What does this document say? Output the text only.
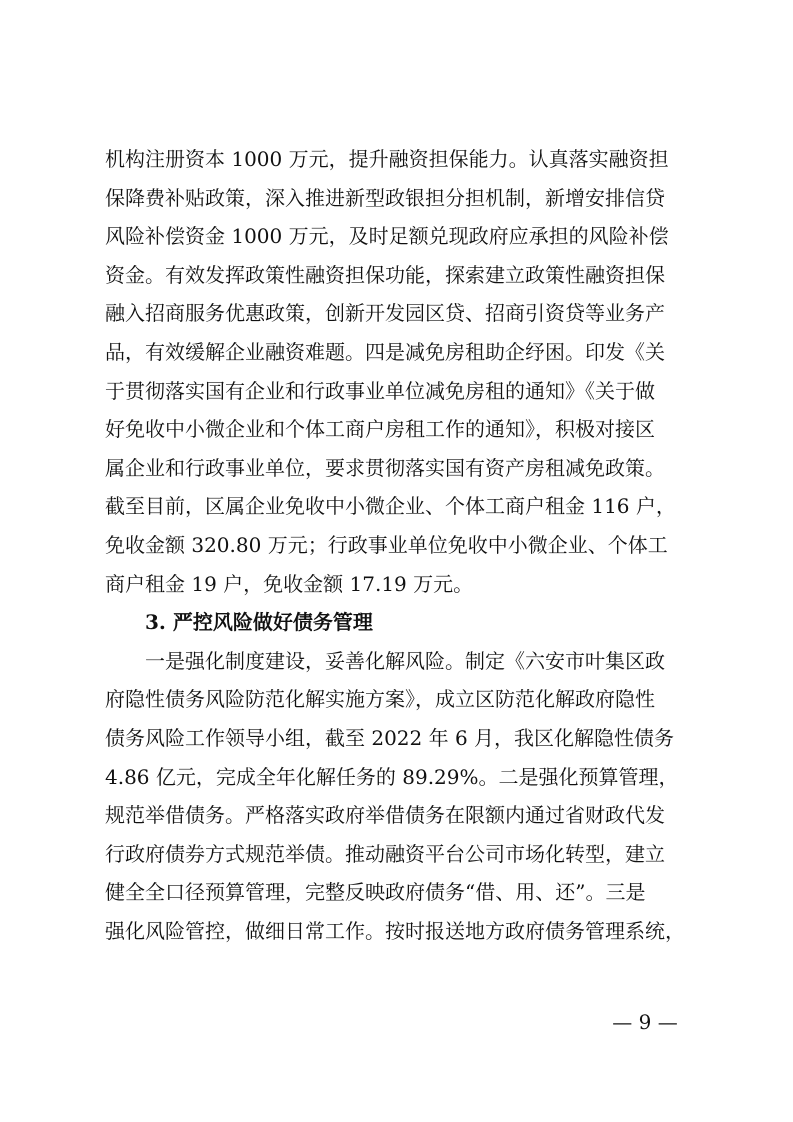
机构注册资本 1000 万元，提升融资担保能力。认真落实融资担
保降费补贴政策，深入推进新型政银担分担机制，新增安排信贷
风险补偿资金 1000 万元，及时足额兑现政府应承担的风险补偿
资金。有效发挥政策性融资担保功能，探索建立政策性融资担保
融入招商服务优惠政策，创新开发园区贷、招商引资贷等业务产
品，有效缓解企业融资难题。四是减免房租助企纾困。印发《关
于贯彻落实国有企业和行政事业单位减免房租的通知》《关于做
好免收中小微企业和个体工商户房租工作的通知》，积极对接区
属企业和行政事业单位，要求贯彻落实国有资产房租减免政策。
截至目前，区属企业免收中小微企业、个体工商户租金 116 户，
免收金额 320.80 万元；行政事业单位免收中小微企业、个体工
商户租金 19 户，免收金额 17.19 万元。
3. 严控风险做好债务管理
一是强化制度建设，妥善化解风险。制定《六安市叶集区政
府隐性债务风险防范化解实施方案》，成立区防范化解政府隐性
债务风险工作领导小组，截至 2022 年 6 月，我区化解隐性债务
4.86 亿元，完成全年化解任务的 89.29%。二是强化预算管理，
规范举借债务。严格落实政府举借债务在限额内通过省财政代发
行政府债券方式规范举债。推动融资平台公司市场化转型，建立
健全全口径预算管理，完整反映政府债务“借、用、还”。三是
强化风险管控，做细日常工作。按时报送地方政府债务管理系统，
— 9 —
